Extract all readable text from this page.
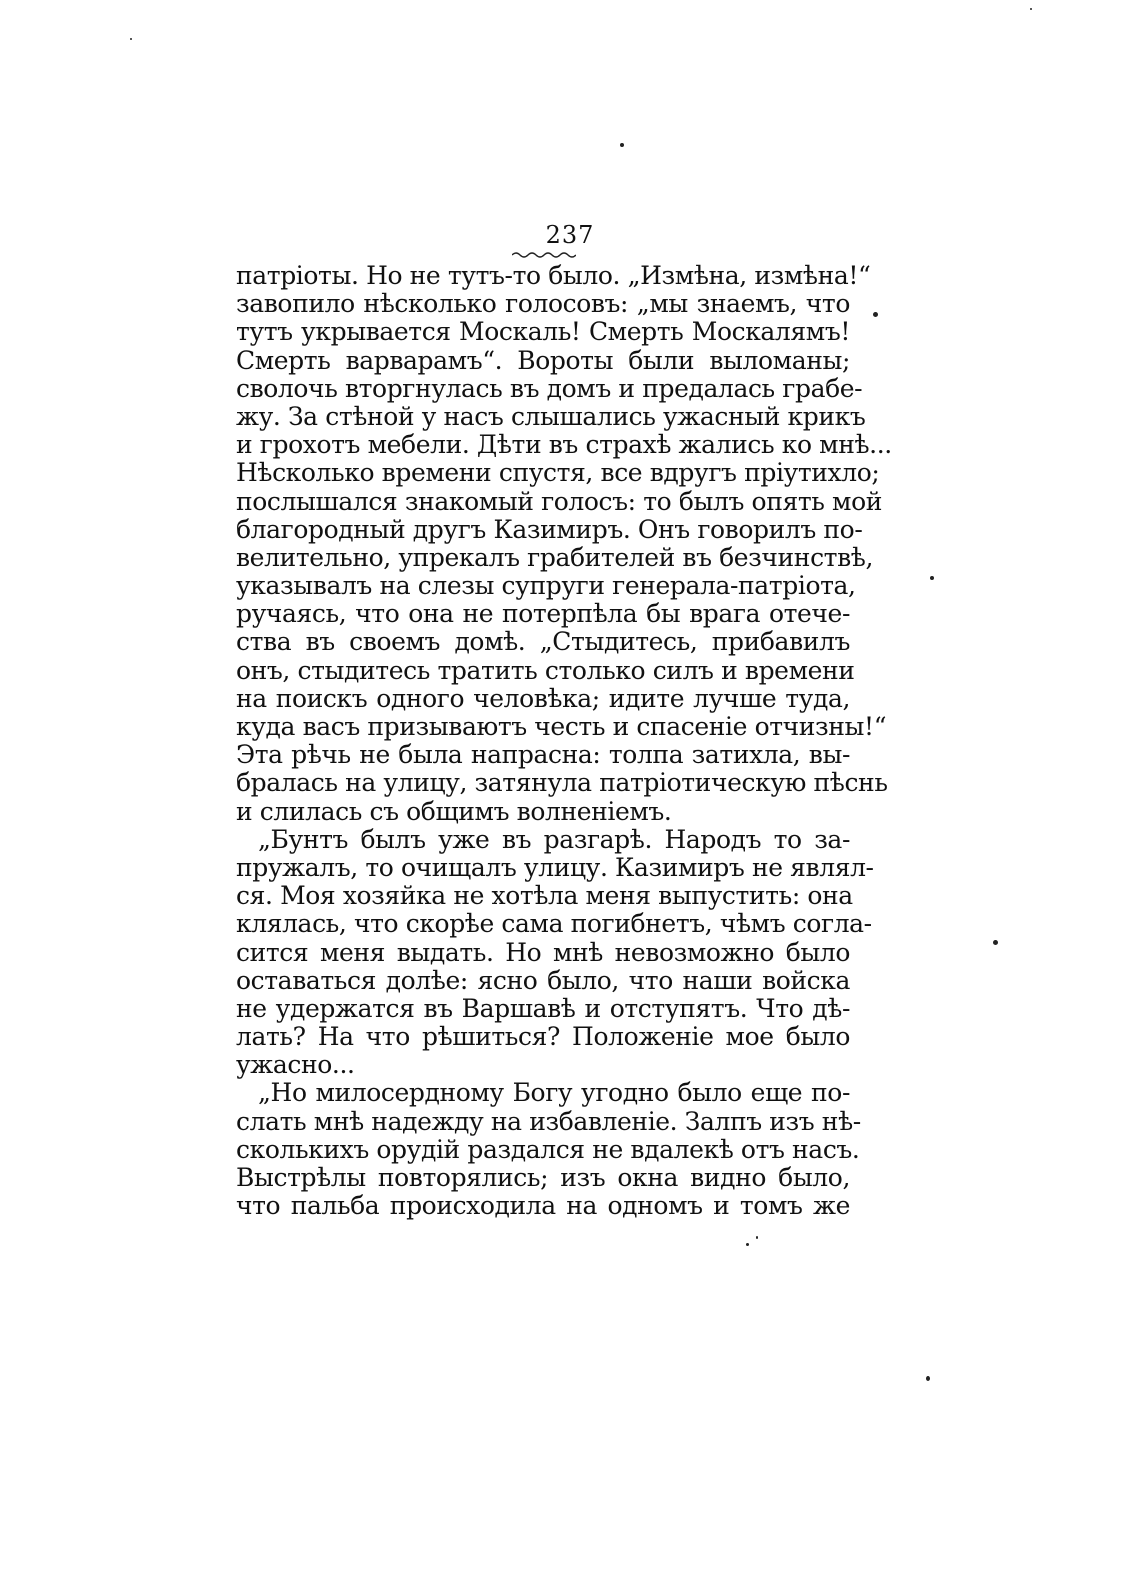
237
патріоты. Но не тутъ-то было. „Измѣна, измѣна!“
завопило нѣсколько голосовъ: „мы знаемъ, что
тутъ укрывается Москаль! Смерть Москалямъ!
Смерть варварамъ“. Вороты были выломаны;
сволочь вторгнулась въ домъ и предалась грабе-
жу. За стѣной у насъ слышались ужасный крикъ
и грохотъ мебели. Дѣти въ страхѣ жались ко мнѣ...
Нѣсколько времени спустя, все вдругъ пріутихло;
послышался знакомый голосъ: то былъ опять мой
благородный другъ Казимиръ. Онъ говорилъ по-
велительно, упрекалъ грабителей въ безчинствѣ,
указывалъ на слезы супруги генерала-патріота,
ручаясь, что она не потерпѣла бы врага отече-
ства въ своемъ домѣ. „Стыдитесь, прибавилъ
онъ, стыдитесь тратить столько силъ и времени
на поискъ одного человѣка; идите лучше туда,
куда васъ призываютъ честь и спасеніе отчизны!“
Эта рѣчь не была напрасна: толпа затихла, вы-
бралась на улицу, затянула патріотическую пѣснь
и слилась съ общимъ волненіемъ.
„Бунтъ былъ уже въ разгарѣ. Народъ то за-
пружалъ, то очищалъ улицу. Казимиръ не являл-
ся. Моя хозяйка не хотѣла меня выпустить: она
клялась, что скорѣе сама погибнетъ, чѣмъ согла-
сится меня выдать. Но мнѣ невозможно было
оставаться долѣе: ясно было, что наши войска
не удержатся въ Варшавѣ и отступятъ. Что дѣ-
лать? На что рѣшиться? Положеніе мое было
ужасно...
„Но милосердному Богу угодно было еще по-
слать мнѣ надежду на избавленіе. Залпъ изъ нѣ-
сколькихъ орудій раздался не вдалекѣ отъ насъ.
Выстрѣлы повторялись; изъ окна видно было,
что пальба происходила на одномъ и томъ же
